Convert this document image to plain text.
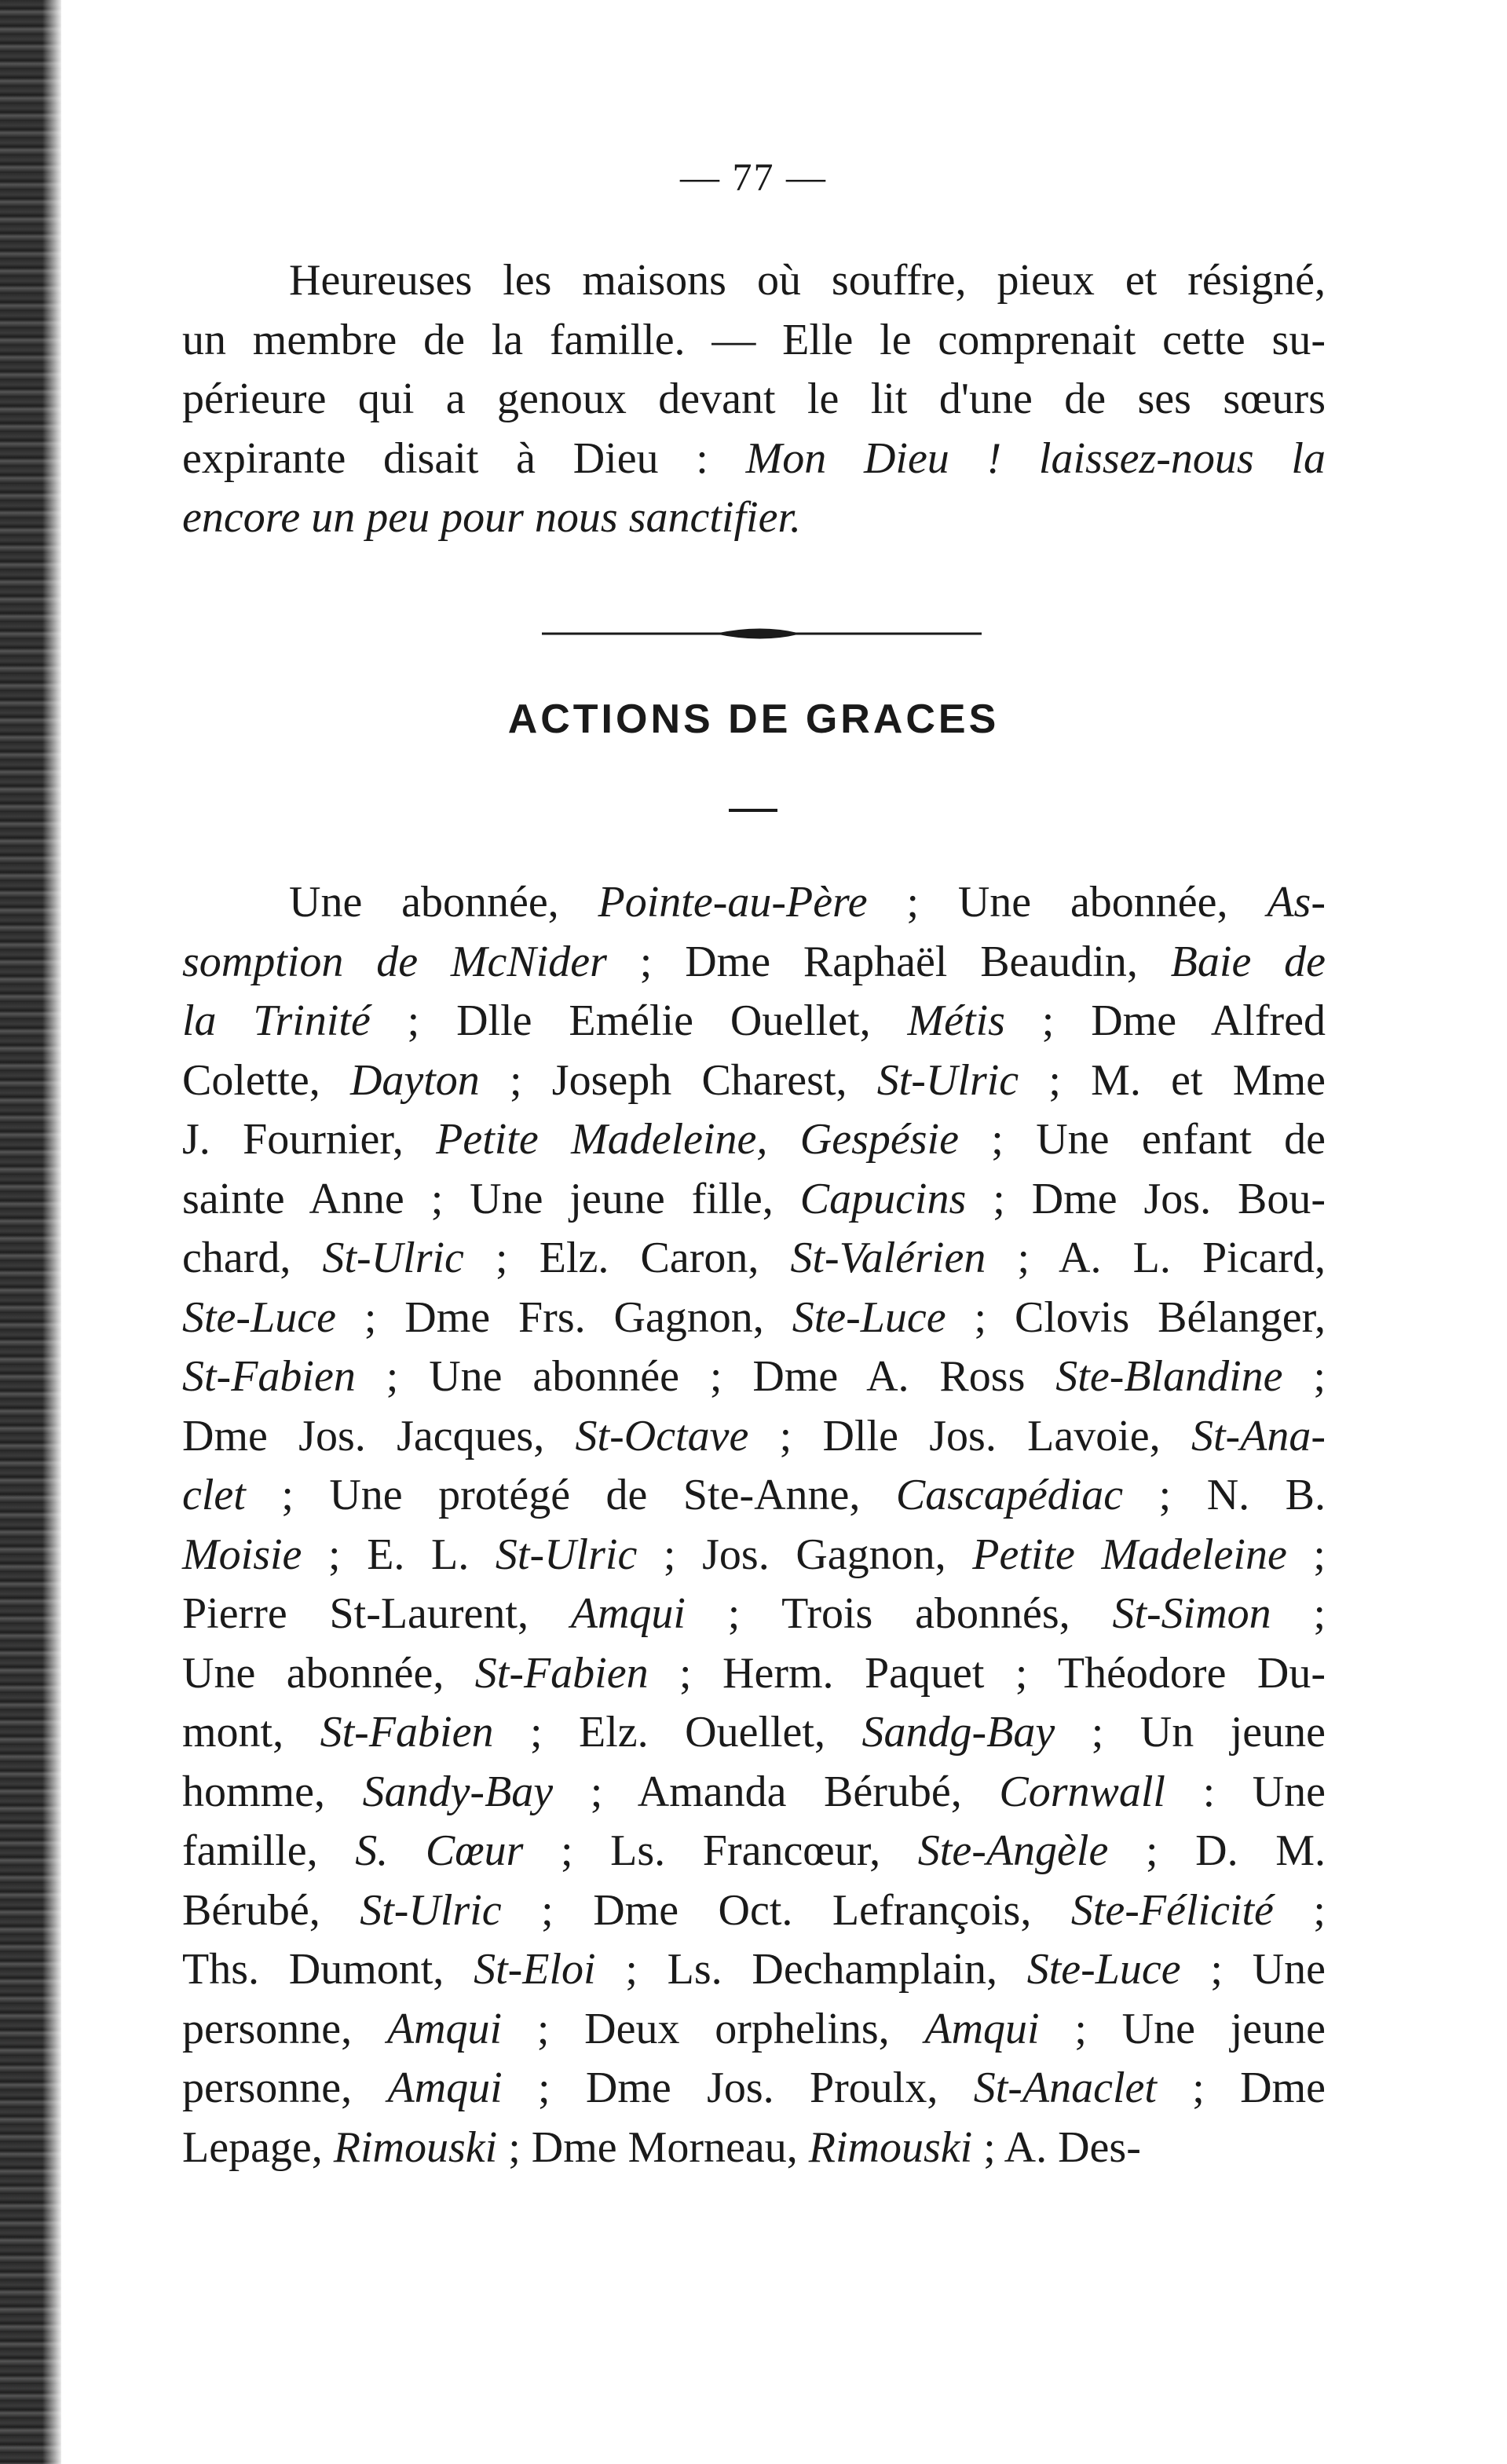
— 77 —
Heureuses les maisons où souffre, pieux et résigné,
un membre de la famille. — Elle le comprenait cette su-
périeure qui a genoux devant le lit d'une de ses sœurs
expirante disait à Dieu : Mon Dieu ! laissez-nous la
encore un peu pour nous sanctifier.
ACTIONS DE GRACES
Une abonnée, Pointe-au-Père ; Une abonnée, As-
somption de McNider ; Dme Raphaël Beaudin, Baie de
la Trinité ; Dlle Emélie Ouellet, Métis ; Dme Alfred
Colette, Dayton ; Joseph Charest, St-Ulric ; M. et Mme
J. Fournier, Petite Madeleine, Gespésie ; Une enfant de
sainte Anne ; Une jeune fille, Capucins ; Dme Jos. Bou-
chard, St-Ulric ; Elz. Caron, St-Valérien ; A. L. Picard,
Ste-Luce ; Dme Frs. Gagnon, Ste-Luce ; Clovis Bélanger,
St-Fabien ; Une abonnée ; Dme A. Ross Ste-Blandine ;
Dme Jos. Jacques, St-Octave ; Dlle Jos. Lavoie, St-Ana-
clet ; Une protégé de Ste-Anne, Cascapédiac ; N. B.
Moisie ; E. L. St-Ulric ; Jos. Gagnon, Petite Madeleine ;
Pierre St-Laurent, Amqui ; Trois abonnés, St-Simon ;
Une abonnée, St-Fabien ; Herm. Paquet ; Théodore Du-
mont, St-Fabien ; Elz. Ouellet, Sandg-Bay ; Un jeune
homme, Sandy-Bay ; Amanda Bérubé, Cornwall : Une
famille, S. Cœur ; Ls. Francœur, Ste-Angèle ; D. M.
Bérubé, St-Ulric ; Dme Oct. Lefrançois, Ste-Félicité ;
Ths. Dumont, St-Eloi ; Ls. Dechamplain, Ste-Luce ; Une
personne, Amqui ; Deux orphelins, Amqui ; Une jeune
personne, Amqui ; Dme Jos. Proulx, St-Anaclet ; Dme
Lepage, Rimouski ; Dme Morneau, Rimouski ; A. Des-
